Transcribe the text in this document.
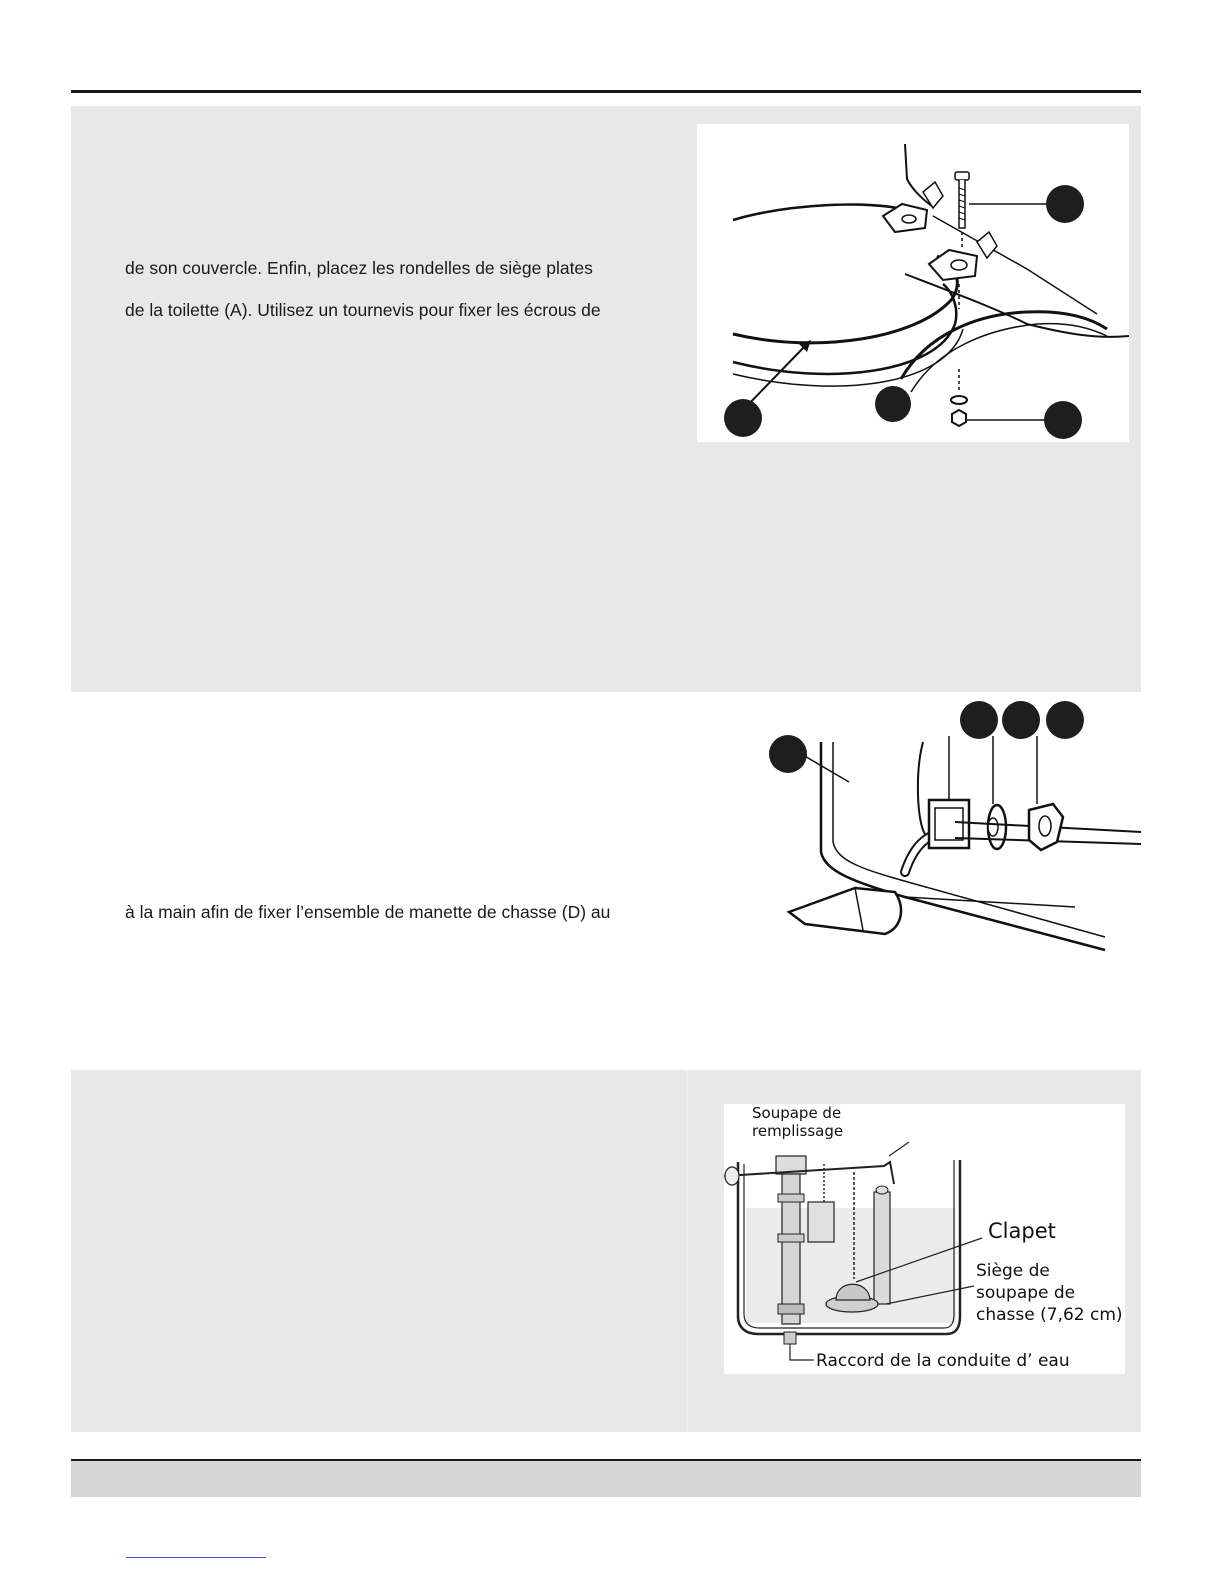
de son couvercle. Enfin, placez les rondelles de siège plates
de la toilette (A). Utilisez un tournevis pour fixer les écrous de
à la main afin de fixer l’ensemble de manette de chasse (D) au
Soupape de
remplissage
Clapet
Siège de
soupape de
chasse (7,62 cm)
Raccord de la conduite d’ eau
